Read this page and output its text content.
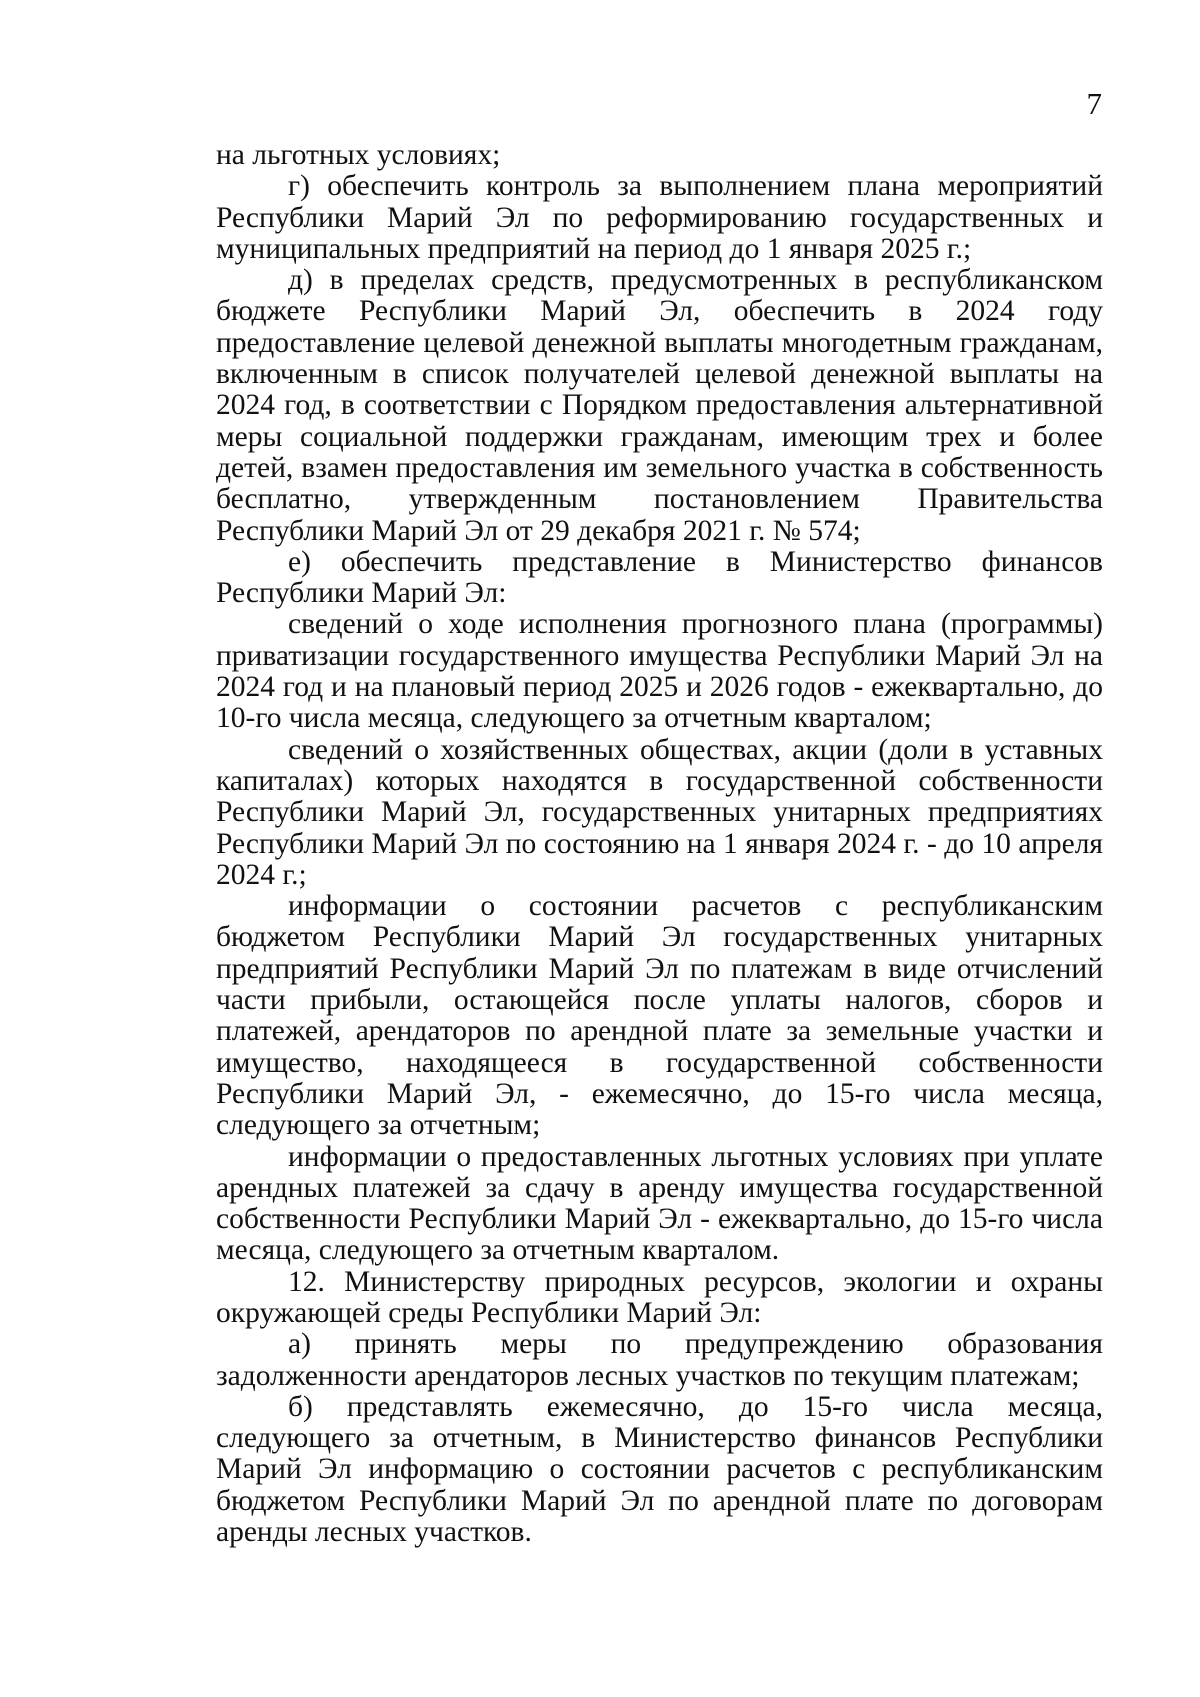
7

на льготных условиях;

г) обеспечить контроль за выполнением плана мероприятий Республики Марий Эл по реформированию государственных и муниципальных предприятий на период до 1 января 2025 г.;

д) в пределах средств, предусмотренных в республиканском бюджете Республики Марий Эл, обеспечить в 2024 году предоставление целевой денежной выплаты многодетным гражданам, включенным в список получателей целевой денежной выплаты на 2024 год, в соответствии с Порядком предоставления альтернативной меры социальной поддержки гражданам, имеющим трех и более детей, взамен предоставления им земельного участка в собственность бесплатно, утвержденным постановлением Правительства Республики Марий Эл от 29 декабря 2021 г. № 574;

е) обеспечить представление в Министерство финансов Республики Марий Эл:

сведений о ходе исполнения прогнозного плана (программы) приватизации государственного имущества Республики Марий Эл на 2024 год и на плановый период 2025 и 2026 годов - ежеквартально, до 10-го числа месяца, следующего за отчетным кварталом;

сведений о хозяйственных обществах, акции (доли в уставных капиталах) которых находятся в государственной собственности Республики Марий Эл, государственных унитарных предприятиях Республики Марий Эл по состоянию на 1 января 2024 г. - до 10 апреля 2024 г.;

информации о состоянии расчетов с республиканским бюджетом Республики Марий Эл государственных унитарных предприятий Республики Марий Эл по платежам в виде отчислений части прибыли, остающейся после уплаты налогов, сборов и платежей, арендаторов по арендной плате за земельные участки и имущество, находящееся в государственной собственности Республики Марий Эл, - ежемесячно, до 15-го числа месяца, следующего за отчетным;

информации о предоставленных льготных условиях при уплате арендных платежей за сдачу в аренду имущества государственной собственности Республики Марий Эл - ежеквартально, до 15-го числа месяца, следующего за отчетным кварталом.

12. Министерству природных ресурсов, экологии и охраны окружающей среды Республики Марий Эл:

а) принять меры по предупреждению образования задолженности арендаторов лесных участков по текущим платежам;

б) представлять ежемесячно, до 15-го числа месяца, следующего за отчетным, в Министерство финансов Республики Марий Эл информацию о состоянии расчетов с республиканским бюджетом Республики Марий Эл по арендной плате по договорам аренды лесных участков.
